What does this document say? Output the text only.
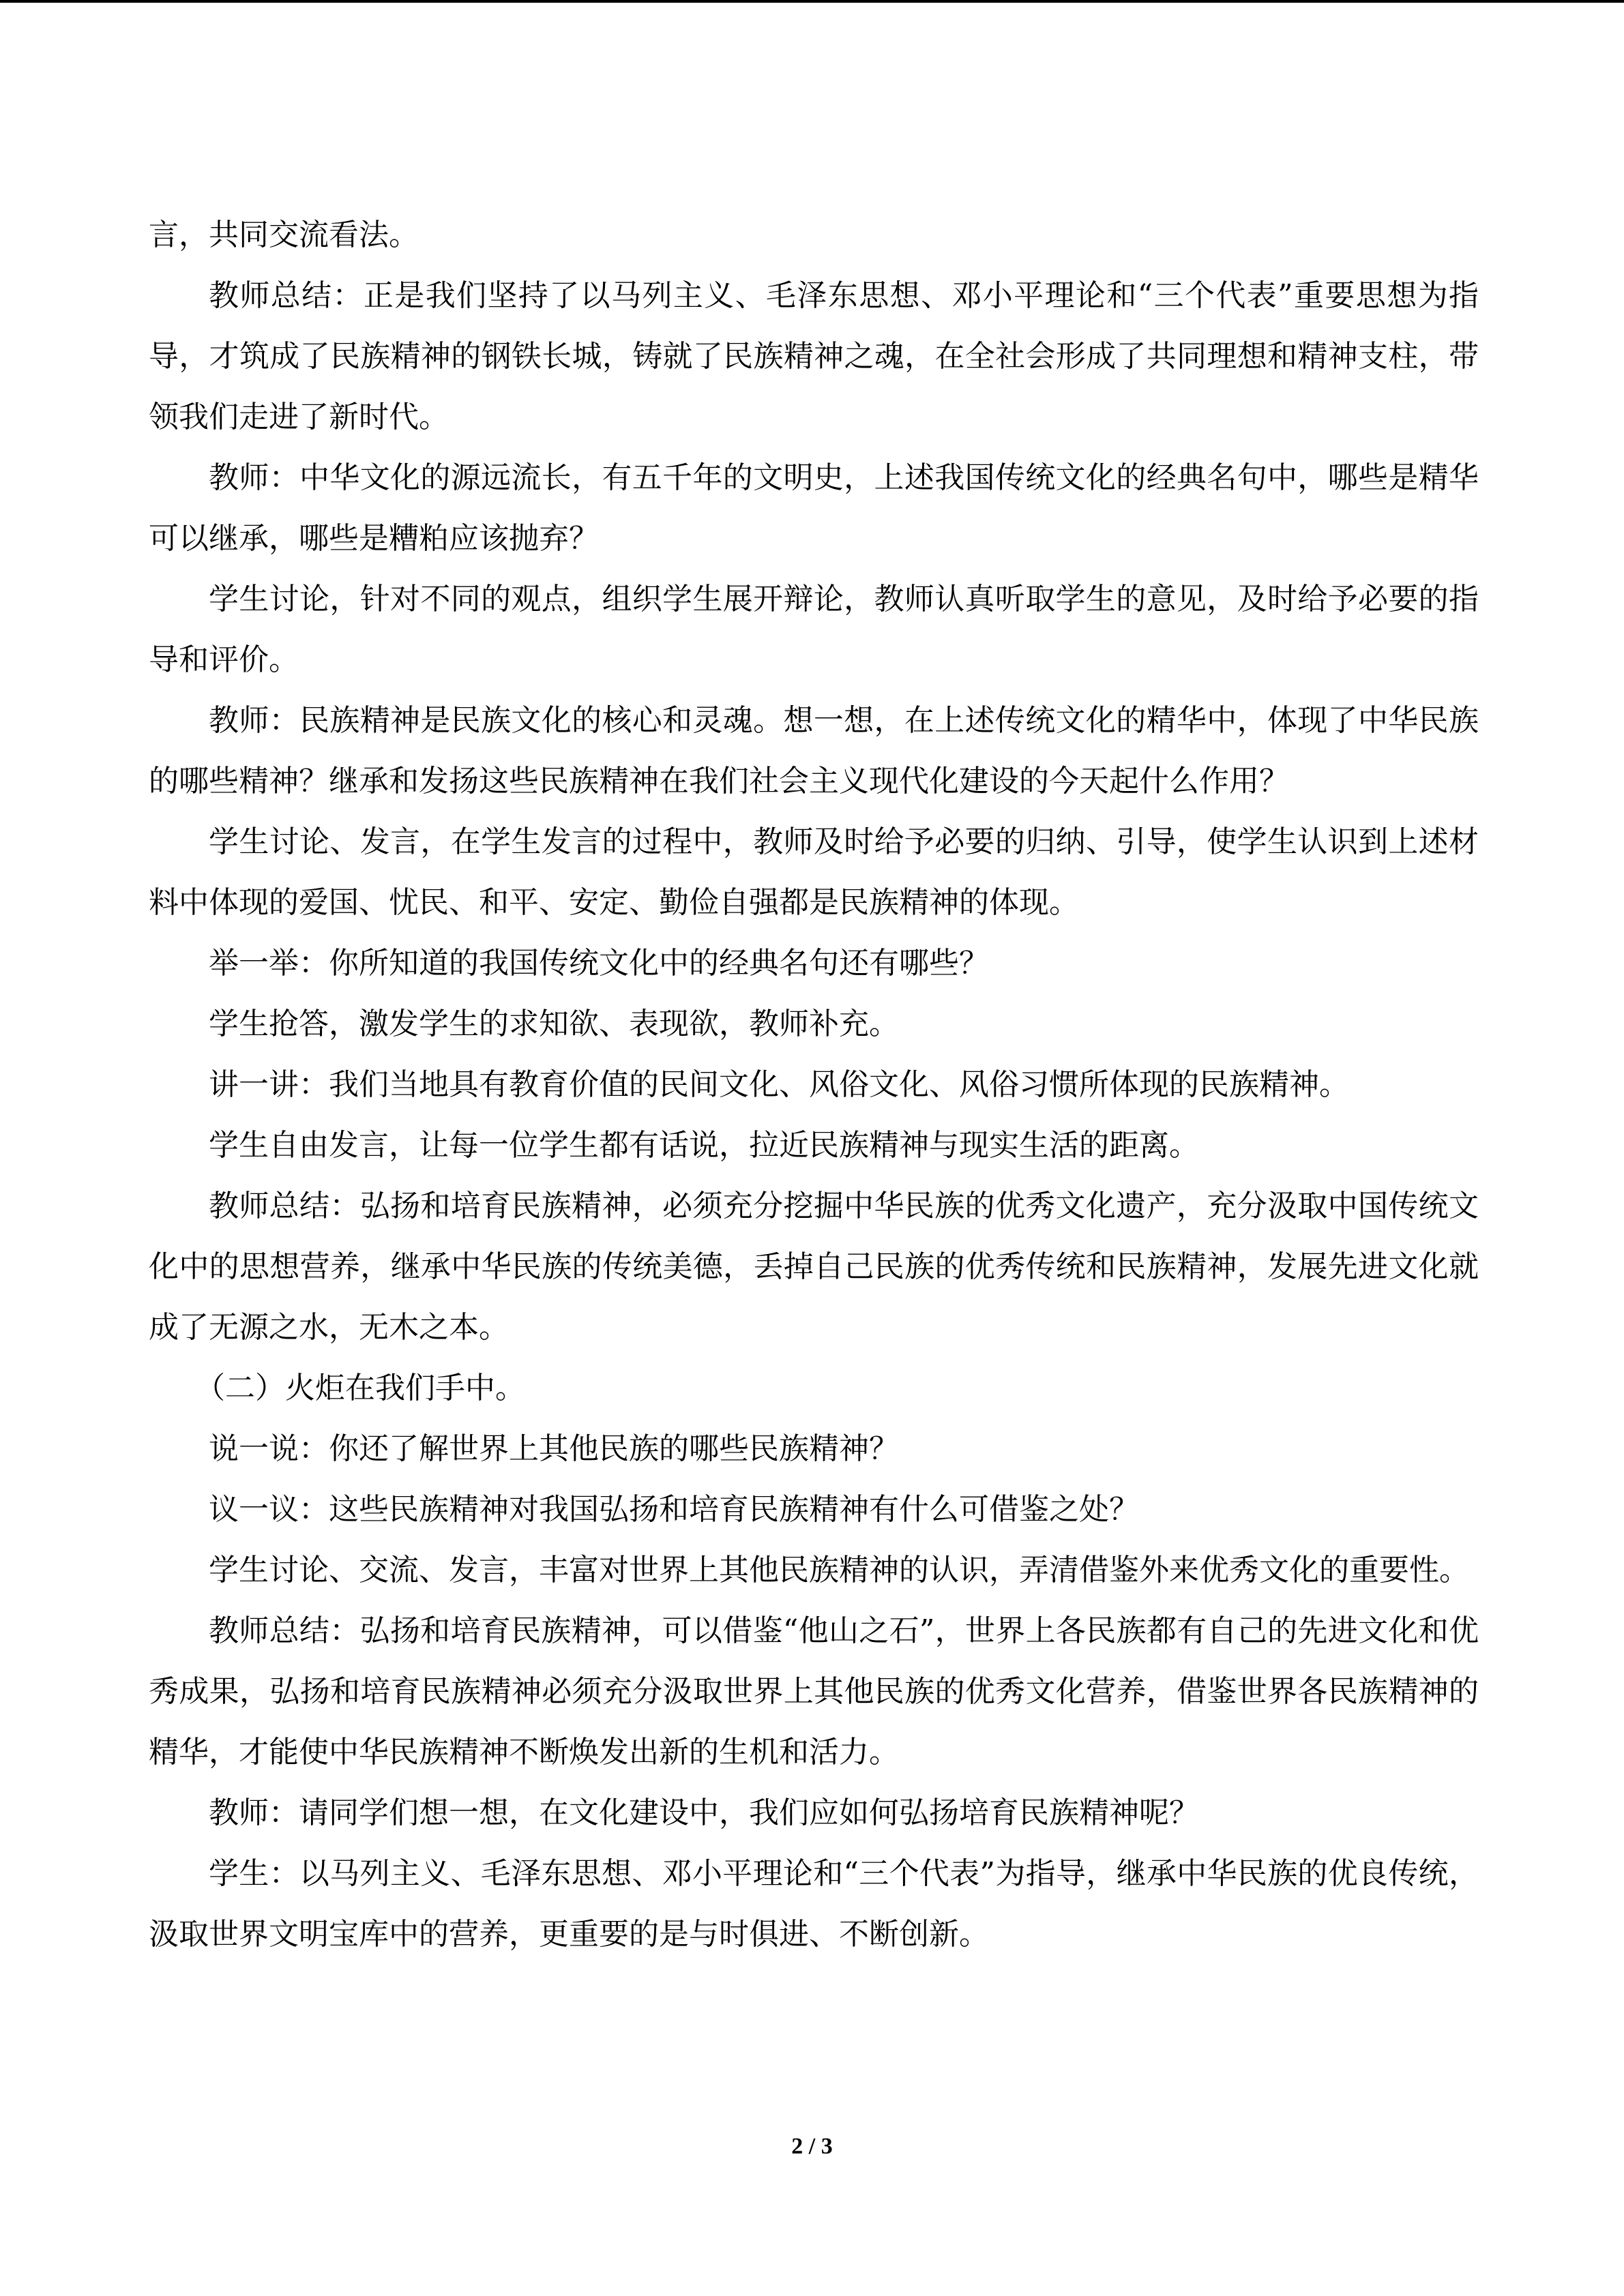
言，共同交流看法。

教师总结：正是我们坚持了以马列主义、毛泽东思想、邓小平理论和“三个代表”重要思想为指导，才筑成了民族精神的钢铁长城，铸就了民族精神之魂，在全社会形成了共同理想和精神支柱，带领我们走进了新时代。

教师：中华文化的源远流长，有五千年的文明史，上述我国传统文化的经典名句中，哪些是精华可以继承，哪些是糟粕应该抛弃？

学生讨论，针对不同的观点，组织学生展开辩论，教师认真听取学生的意见，及时给予必要的指导和评价。

教师：民族精神是民族文化的核心和灵魂。想一想，在上述传统文化的精华中，体现了中华民族的哪些精神？继承和发扬这些民族精神在我们社会主义现代化建设的今天起什么作用？

学生讨论、发言，在学生发言的过程中，教师及时给予必要的归纳、引导，使学生认识到上述材料中体现的爱国、忧民、和平、安定、勤俭自强都是民族精神的体现。

举一举：你所知道的我国传统文化中的经典名句还有哪些？

学生抢答，激发学生的求知欲、表现欲，教师补充。

讲一讲：我们当地具有教育价值的民间文化、风俗文化、风俗习惯所体现的民族精神。

学生自由发言，让每一位学生都有话说，拉近民族精神与现实生活的距离。

教师总结：弘扬和培育民族精神，必须充分挖掘中华民族的优秀文化遗产，充分汲取中国传统文化中的思想营养，继承中华民族的传统美德，丢掉自己民族的优秀传统和民族精神，发展先进文化就成了无源之水，无木之本。

（二）火炬在我们手中。

说一说：你还了解世界上其他民族的哪些民族精神？

议一议：这些民族精神对我国弘扬和培育民族精神有什么可借鉴之处？

学生讨论、交流、发言，丰富对世界上其他民族精神的认识，弄清借鉴外来优秀文化的重要性。

教师总结：弘扬和培育民族精神，可以借鉴“他山之石”，世界上各民族都有自己的先进文化和优秀成果，弘扬和培育民族精神必须充分汲取世界上其他民族的优秀文化营养，借鉴世界各民族精神的精华，才能使中华民族精神不断焕发出新的生机和活力。

教师：请同学们想一想，在文化建设中，我们应如何弘扬培育民族精神呢？

学生：以马列主义、毛泽东思想、邓小平理论和“三个代表”为指导，继承中华民族的优良传统，汲取世界文明宝库中的营养，更重要的是与时俱进、不断创新。

2 / 3
